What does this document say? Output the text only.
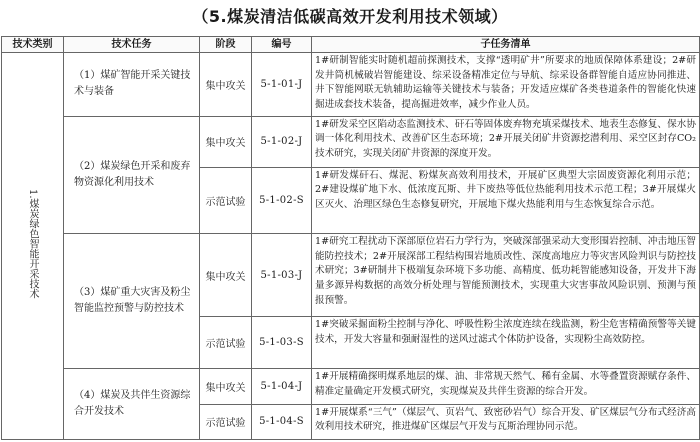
（5.煤炭清洁低碳高效开发利用技术领域）
技术类别	技术任务	阶段	编号	子任务清单
1.煤炭绿色智能开采技术	（1）煤矿智能开采关键技术与装备	集中攻关	5-1-01-J	1#研制智能实时随机超前探测技术，支撑“透明矿井”所要求的地质保障体系建设；2#研发井筒机械破岩智能建设、综采设备精准定位与导航、综采设备群智能自适应协同推进、井下智能网联无轨辅助运输等关键技术与装备；开发适应煤矿各类巷道条件的智能化快速掘进成套技术装备，提高掘进效率，减少作业人员。
	（2）煤炭绿色开采和废弃物资源化利用技术	集中攻关	5-1-02-J	1#研发采空区陷动态监测技术、矸石等固体废弃物充填采煤技术、地表生态修复、保水协调一体化利用技术、改善矿区生态环境；2#开展关闭矿井资源挖潜利用、采空区封存CO₂技术研究，实现关闭矿井资源的深度开发。
		示范试验	5-1-02-S	1#研发煤矸石、煤泥、粉煤灰高效利用技术，开展矿区典型大宗固废资源化利用示范；2#建设煤矿地下水、低浓度瓦斯、井下废热等低位热能利用技术示范工程；3#开展煤火区灭火、治理区绿色生态修复研究，开展地下煤火热能利用与生态恢复综合示范。
	（3）煤矿重大灾害及粉尘智能监控预警与防控技术	集中攻关	5-1-03-J	1#研究工程扰动下深部原位岩石力学行为，突破深部强采动大变形围岩控制、冲击地压智能防控技术；2#开展深部工程结构围岩地质改性、深度高地应力等灾害风险判识与防控技术研究；3#研制井下极端复杂环境下多功能、高精度、低功耗智能感知设备，开发井下海量多源异构数据的高效分析处理与智能预测技术，实现重大灾害事故风险识别、预测与预报预警。
		示范试验	5-1-03-S	1#突破采掘面粉尘控制与净化、呼吸性粉尘浓度连续在线监测，粉尘危害精确预警等关键技术，开发大容量和强耐湿性的送风过滤式个体防护设备，实现粉尘高效防控。
	（4）煤炭及共伴生资源综合开发技术	集中攻关	5-1-04-J	1#开展精确探明煤系地层的煤、油、非常规天然气、稀有金属、水等叠置资源赋存条件、精准定量确定开发模式研究，实现煤炭及共伴生资源的综合开发。
		示范试验	5-1-04-S	1#开展煤系“三气”（煤层气、页岩气、致密砂岩气）综合开发、矿区煤层气分布式经济高效利用技术研究，推进煤矿区煤层气开发与瓦斯治理协同示范。
